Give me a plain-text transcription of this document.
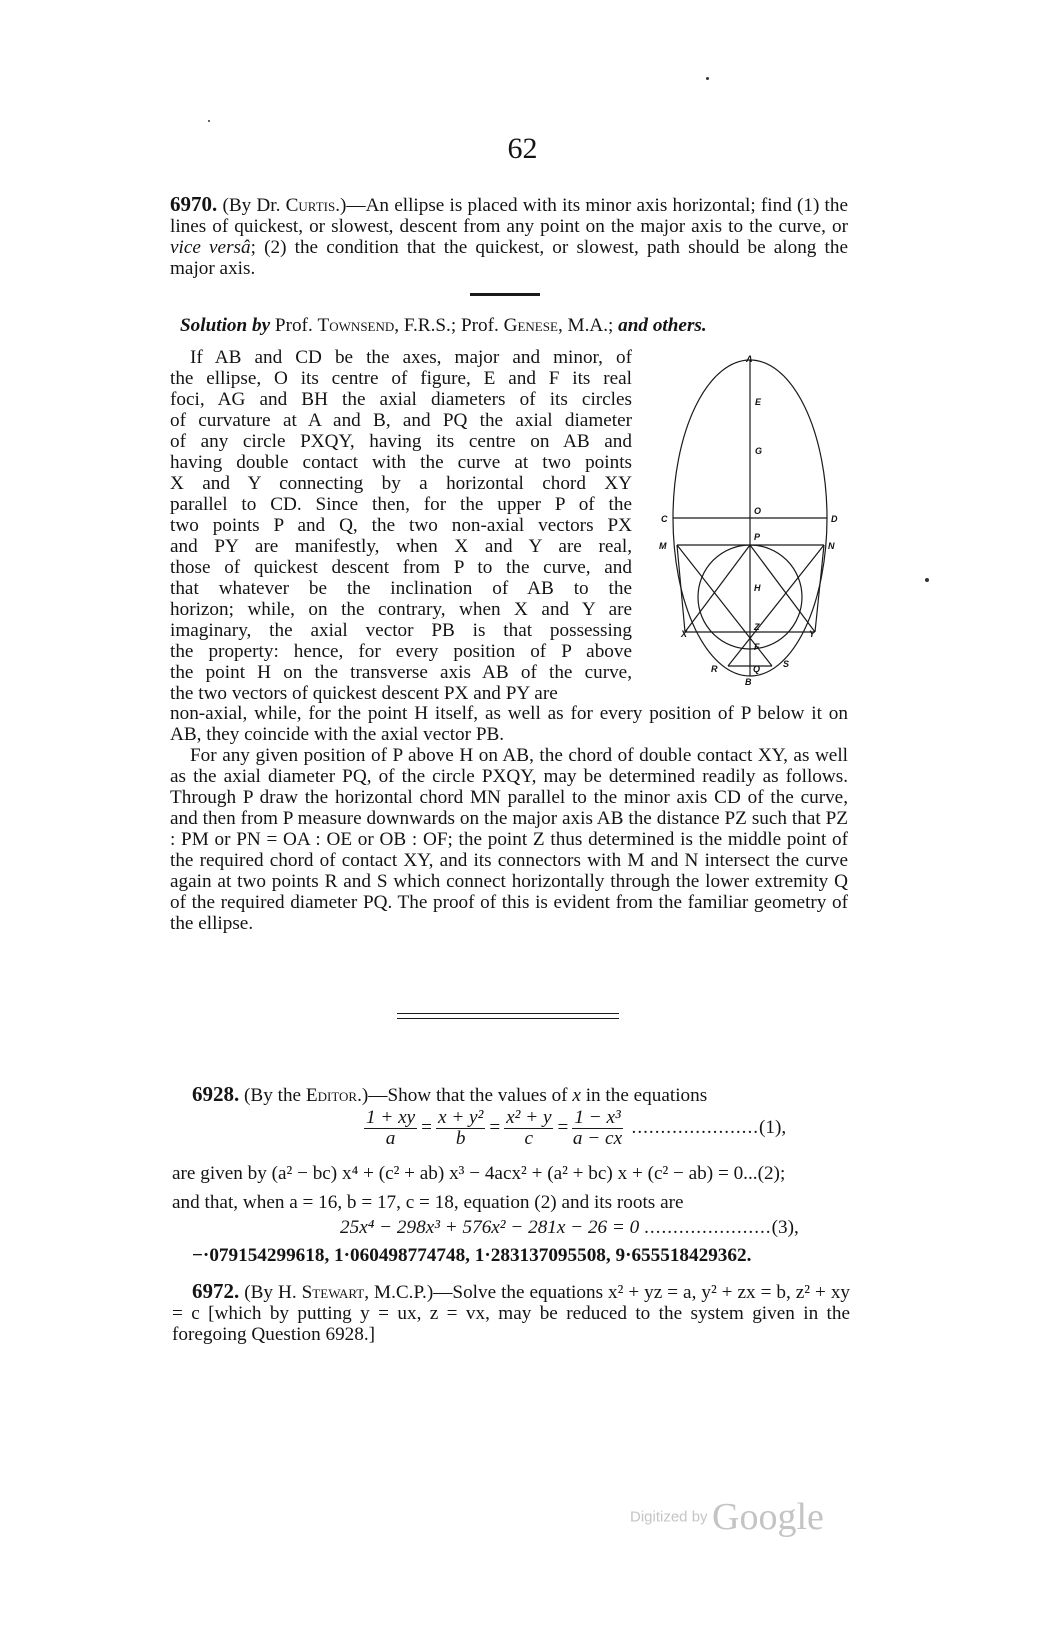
62
6970. (By Dr. Curtis.)—An ellipse is placed with its minor axis horizontal; find (1) the lines of quickest, or slowest, descent from any point on the major axis to the curve, or vice versâ; (2) the condition that the quickest, or slowest, path should be along the major axis.
Solution by Prof. Townsend, F.R.S.; Prof. Genese, M.A.; and others.
If AB and CD be the axes, major and minor, of
the ellipse, O its centre of figure, E and F its real
foci, AG and BH the axial diameters of its circles
of curvature at A and B, and PQ the axial diameter
of any circle PXQY, having its centre on AB and
having double contact with the curve at two points
X and Y connecting by a horizontal chord XY
parallel to CD. Since then, for the upper P of the
two points P and Q, the two non-axial vectors PX
and PY are manifestly, when X and Y are real,
those of quickest descent from P to the curve, and
that whatever be the inclination of AB to the
horizon; while, on the contrary, when X and Y are
imaginary, the axial vector PB is that possessing
the property: hence, for every position of P above
the point H on the transverse axis AB of the curve,
the two vectors of quickest descent PX and PY are
A
E
G
C
O
D
M
P
N
H
X
Z
Y
F
R	Q	S
B
non-axial, while, for the point H itself, as well as for every position of P below it on AB, they coincide with the axial vector PB.
For any given position of P above H on AB, the chord of double contact XY, as well as the axial diameter PQ, of the circle PXQY, may be determined readily as follows. Through P draw the horizontal chord MN parallel to the minor axis CD of the curve, and then from P measure downwards on the major axis AB the distance PZ such that PZ : PM or PN = OA : OE or OB : OF; the point Z thus determined is the middle point of the required chord of contact XY, and its connectors with M and N intersect the curve again at two points R and S which connect horizontally through the lower extremity Q of the required diameter PQ. The proof of this is evident from the familiar geometry of the ellipse.
6928. (By the Editor.)—Show that the values of x in the equations
$\frac{1 + xy}{a} = \frac{\text{x + y²}}{b} = \frac{\text{x² + y}}{c} = \frac{\text{1 − x³}}{a - cx} ......................(1)$,
are given by (a² − bc) x⁴ + (c² + ab) x³ − 4acx² + (a² + bc) x + (c² − ab) = 0...(2);
and that, when a = 16, b = 17, c = 18, equation (2) and its roots are
25x⁴ − 298x³ + 576x² − 281x − 26 = 0 ......................(3),
−·079154299618, 1·060498774748, 1·283137095508, 9·655518429362.
6972. (By H. Stewart, M.C.P.)—Solve the equations x² + yz = a, y² + zx = b, z² + xy = c [which by putting y = ux, z = vx, may be reduced to the system given in the foregoing Question 6928.]
Digitized by Google
